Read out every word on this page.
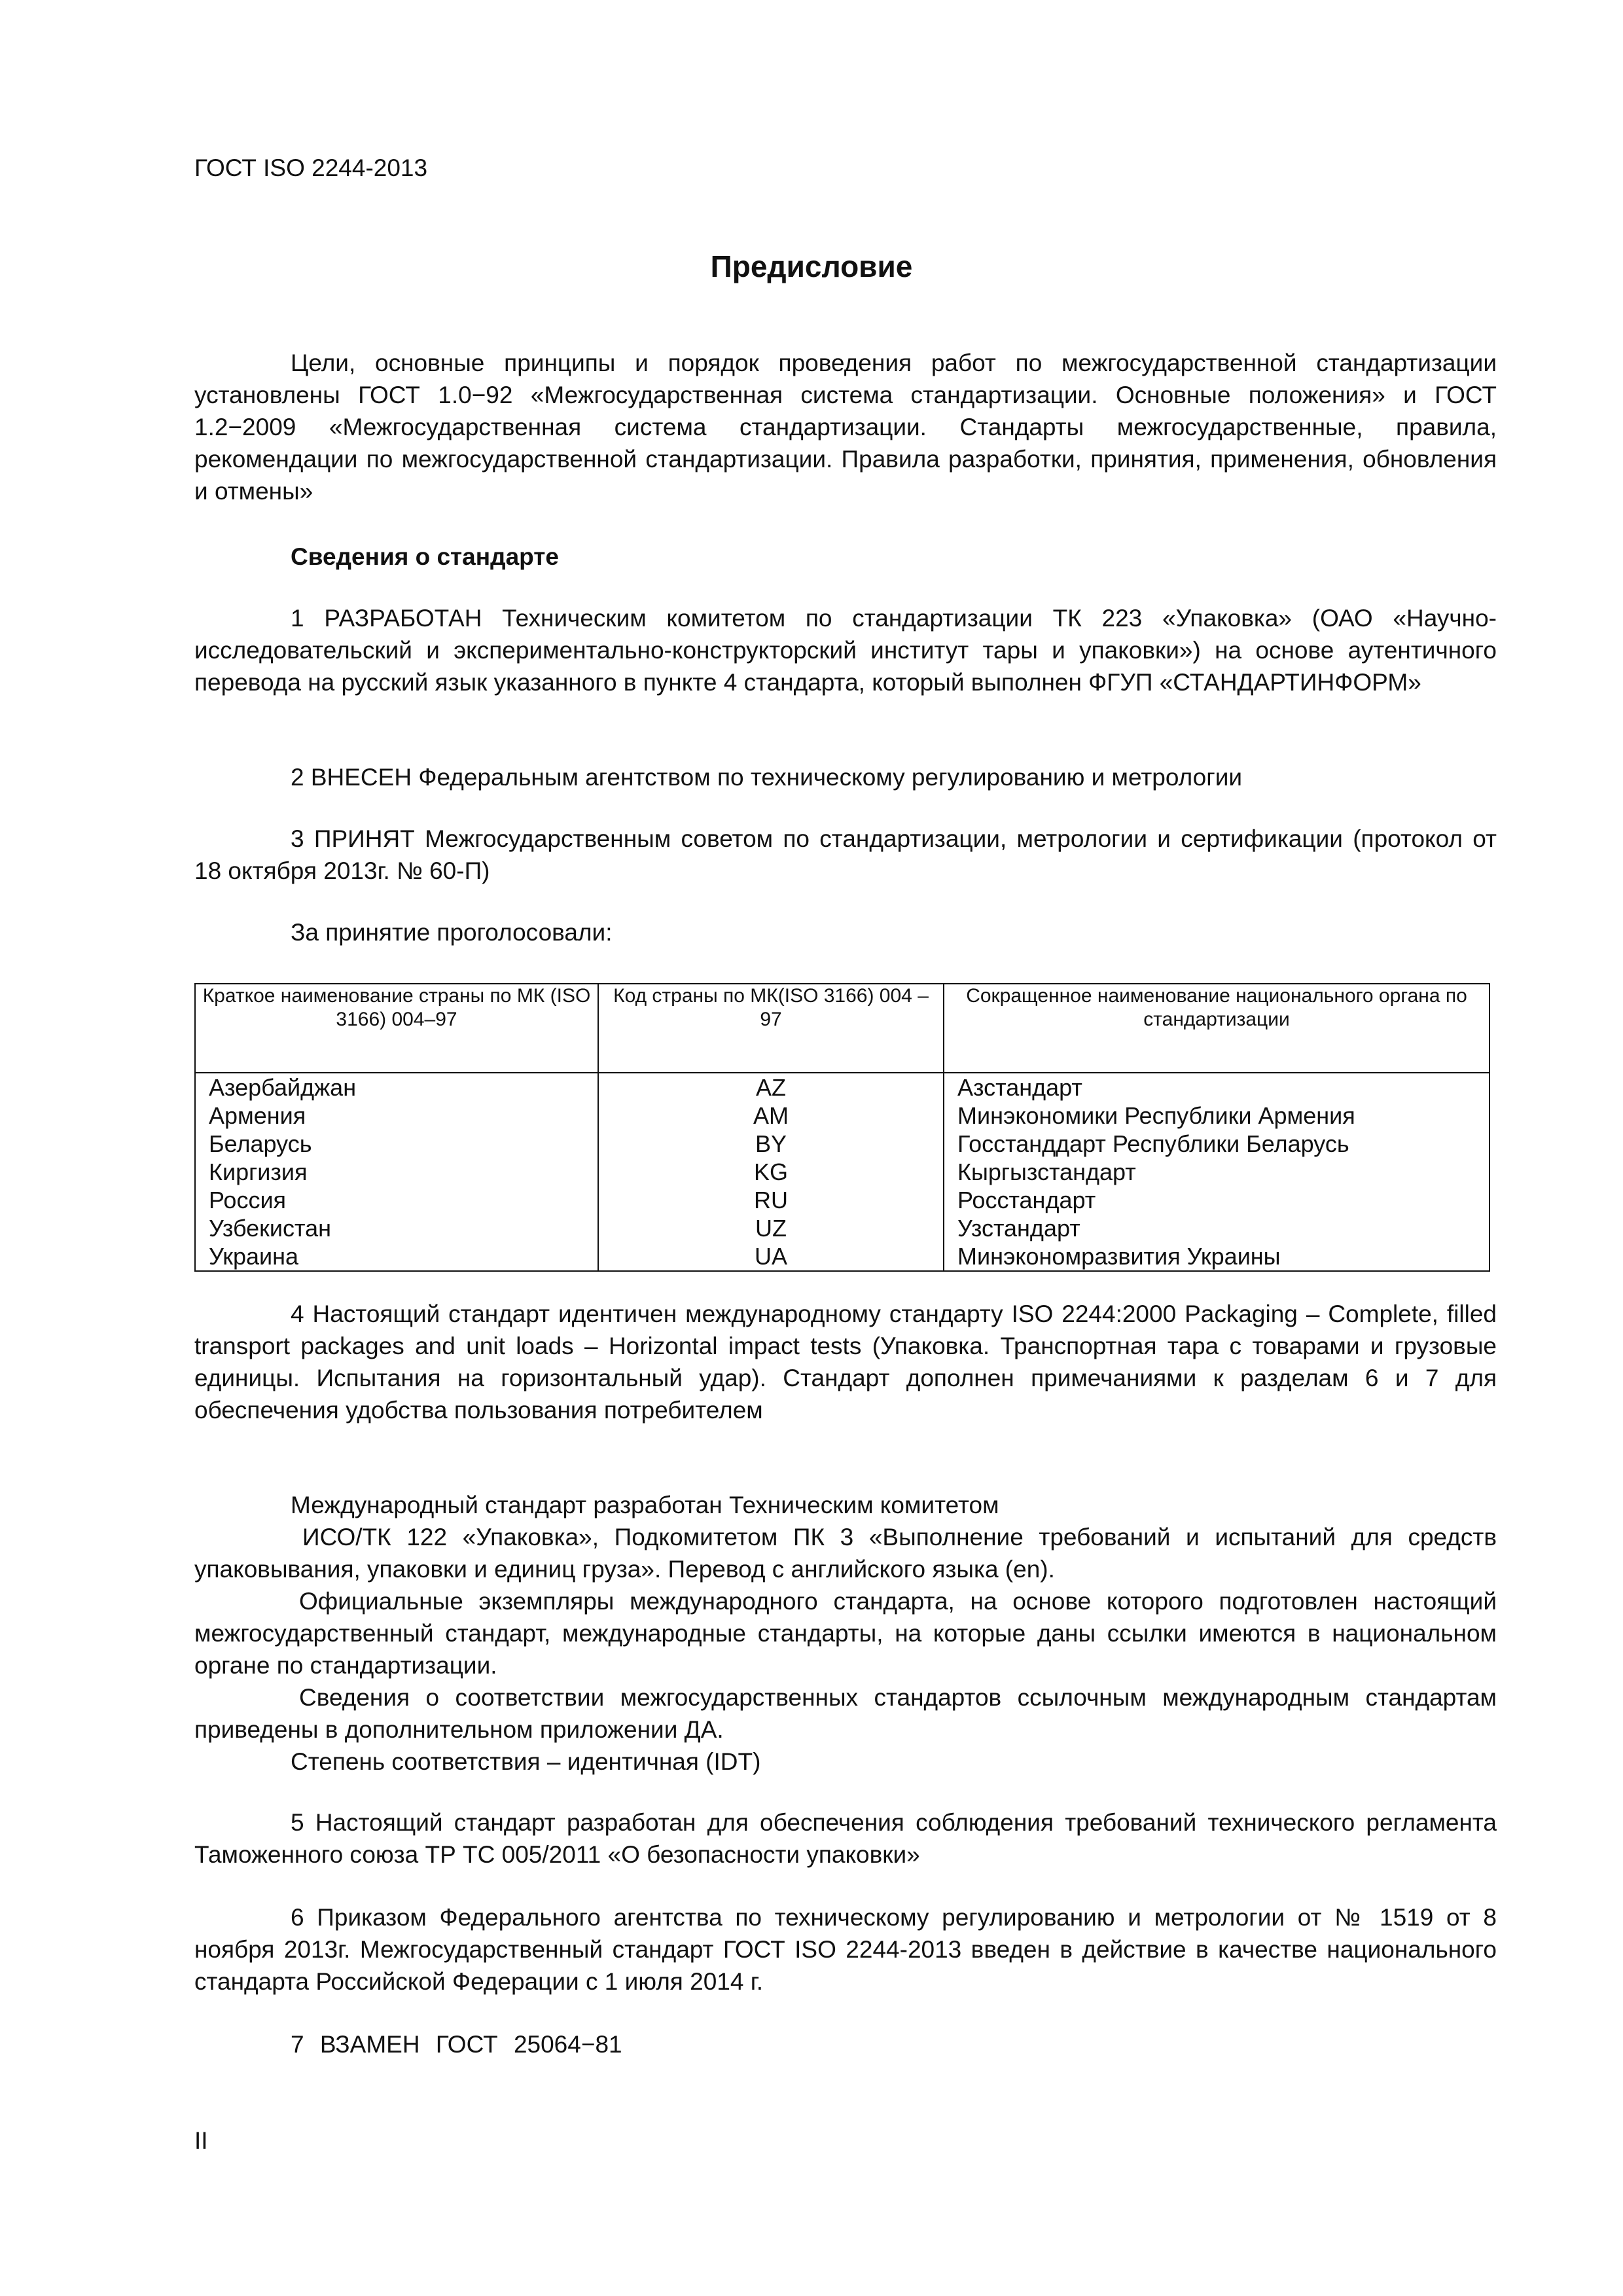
ГОСТ ISO 2244-2013
Предисловие

Цели, основные принципы и порядок проведения работ по межгосударственной стандартизации установлены ГОСТ 1.0−92 «Межгосударственная система стандартизации. Основные положения» и ГОСТ 1.2−2009 «Межгосударственная система стандартизации. Стандарты межгосударственные, правила, рекомендации по межгосударственной стандартизации. Правила разработки, принятия, применения, обновления и отмены»

Сведения о стандарте

1 РАЗРАБОТАН Техническим комитетом по стандартизации ТК 223 «Упаковка» (ОАО «Научно-исследовательский и экспериментально-конструкторский институт тары и упаковки») на основе аутентичного перевода на русский язык указанного в пункте 4 стандарта, который выполнен ФГУП «СТАНДАРТИНФОРМ»

2 ВНЕСЕН Федеральным агентством по техническому регулированию и метрологии

3 ПРИНЯТ Межгосударственным советом по стандартизации, метрологии и сертификации (протокол от 18 октября 2013г. № 60-П)

За принятие проголосовали:

Краткое наименование страны по МК (ISO 3166) 004–97	Код страны по МК(ISO 3166) 004 – 97	Сокращенное наименование национального органа по стандартизации
Азербайджан	AZ	Азстандарт
Армения	AM	Минэкономики Республики Армения
Беларусь	BY	Госстанддарт Республики Беларусь
Киргизия	KG	Кыргызстандарт
Россия	RU	Росстандарт
Узбекистан	UZ	Узстандарт
Украина	UA	Минэкономразвития Украины

4 Настоящий стандарт идентичен международному стандарту ISO 2244:2000 Packaging – Complete, filled transport packages and unit loads – Horizontal impact tests (Упаковка. Транспортная тара с товарами и грузовые единицы. Испытания на горизонтальный удар). Стандарт дополнен примечаниями к разделам 6 и 7 для обеспечения удобства пользования потребителем

Международный стандарт разработан Техническим комитетом

ИСО/ТК 122 «Упаковка», Подкомитетом ПК 3 «Выполнение требований и испытаний для средств упаковывания, упаковки и единиц груза». Перевод с английского языка (en).

Официальные экземпляры международного стандарта, на основе которого подготовлен настоящий межгосударственный стандарт, международные стандарты, на которые даны ссылки имеются в национальном органе по стандартизации.

Сведения о соответствии межгосударственных стандартов ссылочным международным стандартам приведены в дополнительном приложении ДА.

Степень соответствия – идентичная (IDT)

5 Настоящий стандарт разработан для обеспечения соблюдения требований технического регламента Таможенного союза ТР ТС 005/2011 «О безопасности упаковки»

6 Приказом Федерального агентства по техническому регулированию и метрологии от № 1519 от 8 ноября 2013г. Межгосударственный стандарт ГОСТ ISO 2244-2013 введен в действие в качестве национального стандарта Российской Федерации с 1 июля 2014 г.

7 ВЗАМЕН ГОСТ 25064−81

II
